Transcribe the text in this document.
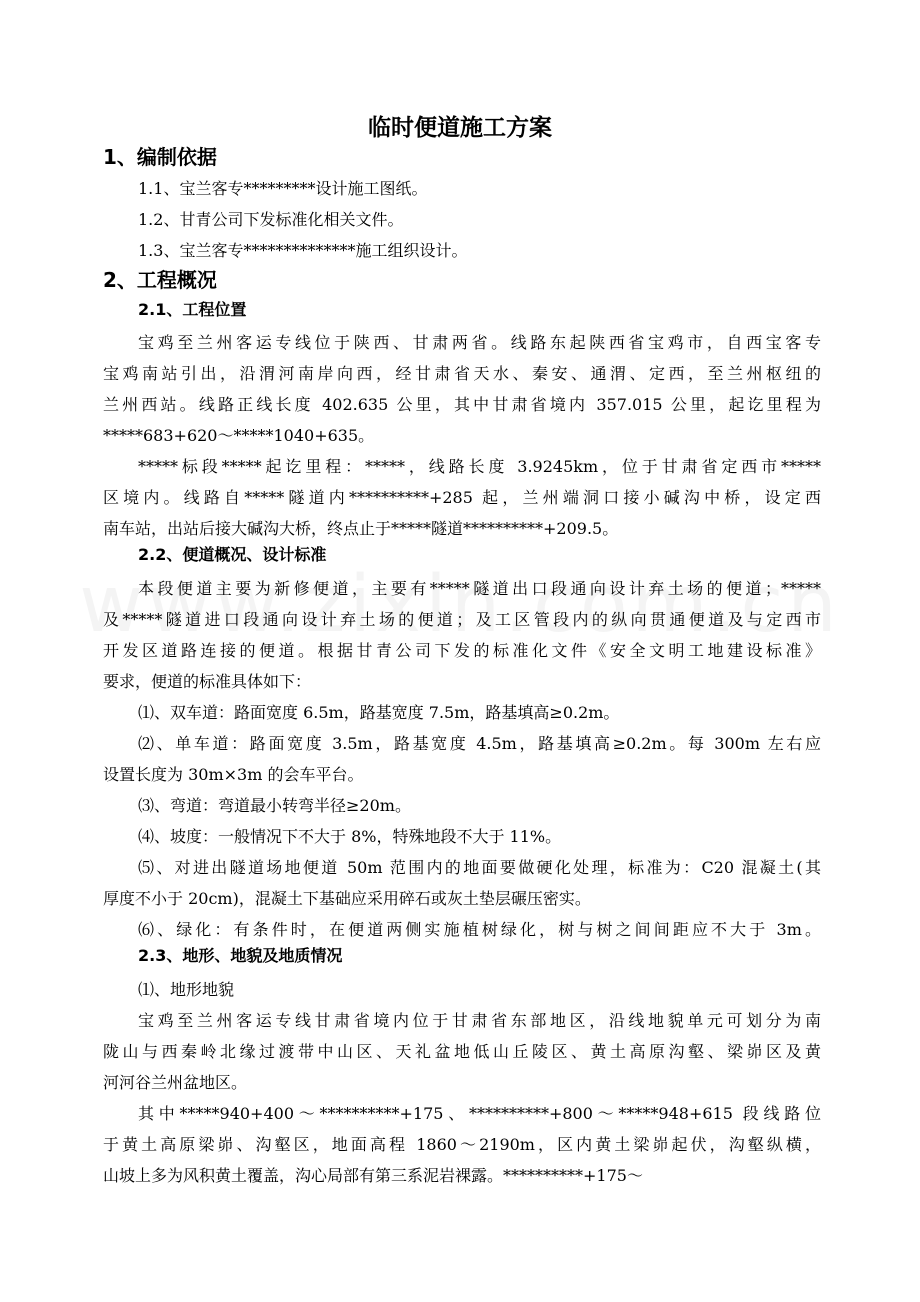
临时便道施工方案
1、编制依据
1.1、宝兰客专*********设计施工图纸。
1.2、甘青公司下发标准化相关文件。
1.3、宝兰客专**************施工组织设计。
2、工程概况
2.1、工程位置
宝鸡至兰州客运专线位于陕西、甘肃两省。线路东起陕西省宝鸡市，自西宝客专
宝鸡南站引出，沿渭河南岸向西，经甘肃省天水、秦安、通渭、定西，至兰州枢纽的
兰州西站。线路正线长度 402.635 公里，其中甘肃省境内 357.015 公里，起讫里程为
*****683+620～*****1040+635。
*****标段*****起讫里程：*****，线路长度 3.9245km，位于甘肃省定西市*****
区境内。线路自*****隧道内**********+285 起，兰州端洞口接小碱沟中桥，设定西
南车站，出站后接大碱沟大桥，终点止于*****隧道**********+209.5。
2.2、便道概况、设计标准
本段便道主要为新修便道，主要有*****隧道出口段通向设计弃土场的便道；*****
及*****隧道进口段通向设计弃土场的便道；及工区管段内的纵向贯通便道及与定西市
开发区道路连接的便道。根据甘青公司下发的标准化文件《安全文明工地建设标准》
要求，便道的标准具体如下：
⑴、双车道：路面宽度 6.5m，路基宽度 7.5m，路基填高≥0.2m。
⑵、单车道：路面宽度 3.5m，路基宽度 4.5m，路基填高≥0.2m。每 300m 左右应
设置长度为 30m×3m 的会车平台。
⑶、弯道：弯道最小转弯半径≥20m。
⑷、坡度：一般情况下不大于 8%，特殊地段不大于 11%。
⑸、对进出隧道场地便道 50m 范围内的地面要做硬化处理，标准为：C20 混凝土(其
厚度不小于 20cm)，混凝土下基础应采用碎石或灰土垫层碾压密实。
⑹、绿化：有条件时，在便道两侧实施植树绿化，树与树之间间距应不大于 3m。
2.3、地形、地貌及地质情况
⑴、地形地貌
宝鸡至兰州客运专线甘肃省境内位于甘肃省东部地区，沿线地貌单元可划分为南
陇山与西秦岭北缘过渡带中山区、天礼盆地低山丘陵区、黄土高原沟壑、梁峁区及黄
河河谷兰州盆地区。
其中*****940+400～**********+175、**********+800～*****948+615 段线路位
于黄土高原梁峁、沟壑区，地面高程 1860～2190m，区内黄土梁峁起伏，沟壑纵横，
山坡上多为风积黄土覆盖，沟心局部有第三系泥岩裸露。**********+175～
